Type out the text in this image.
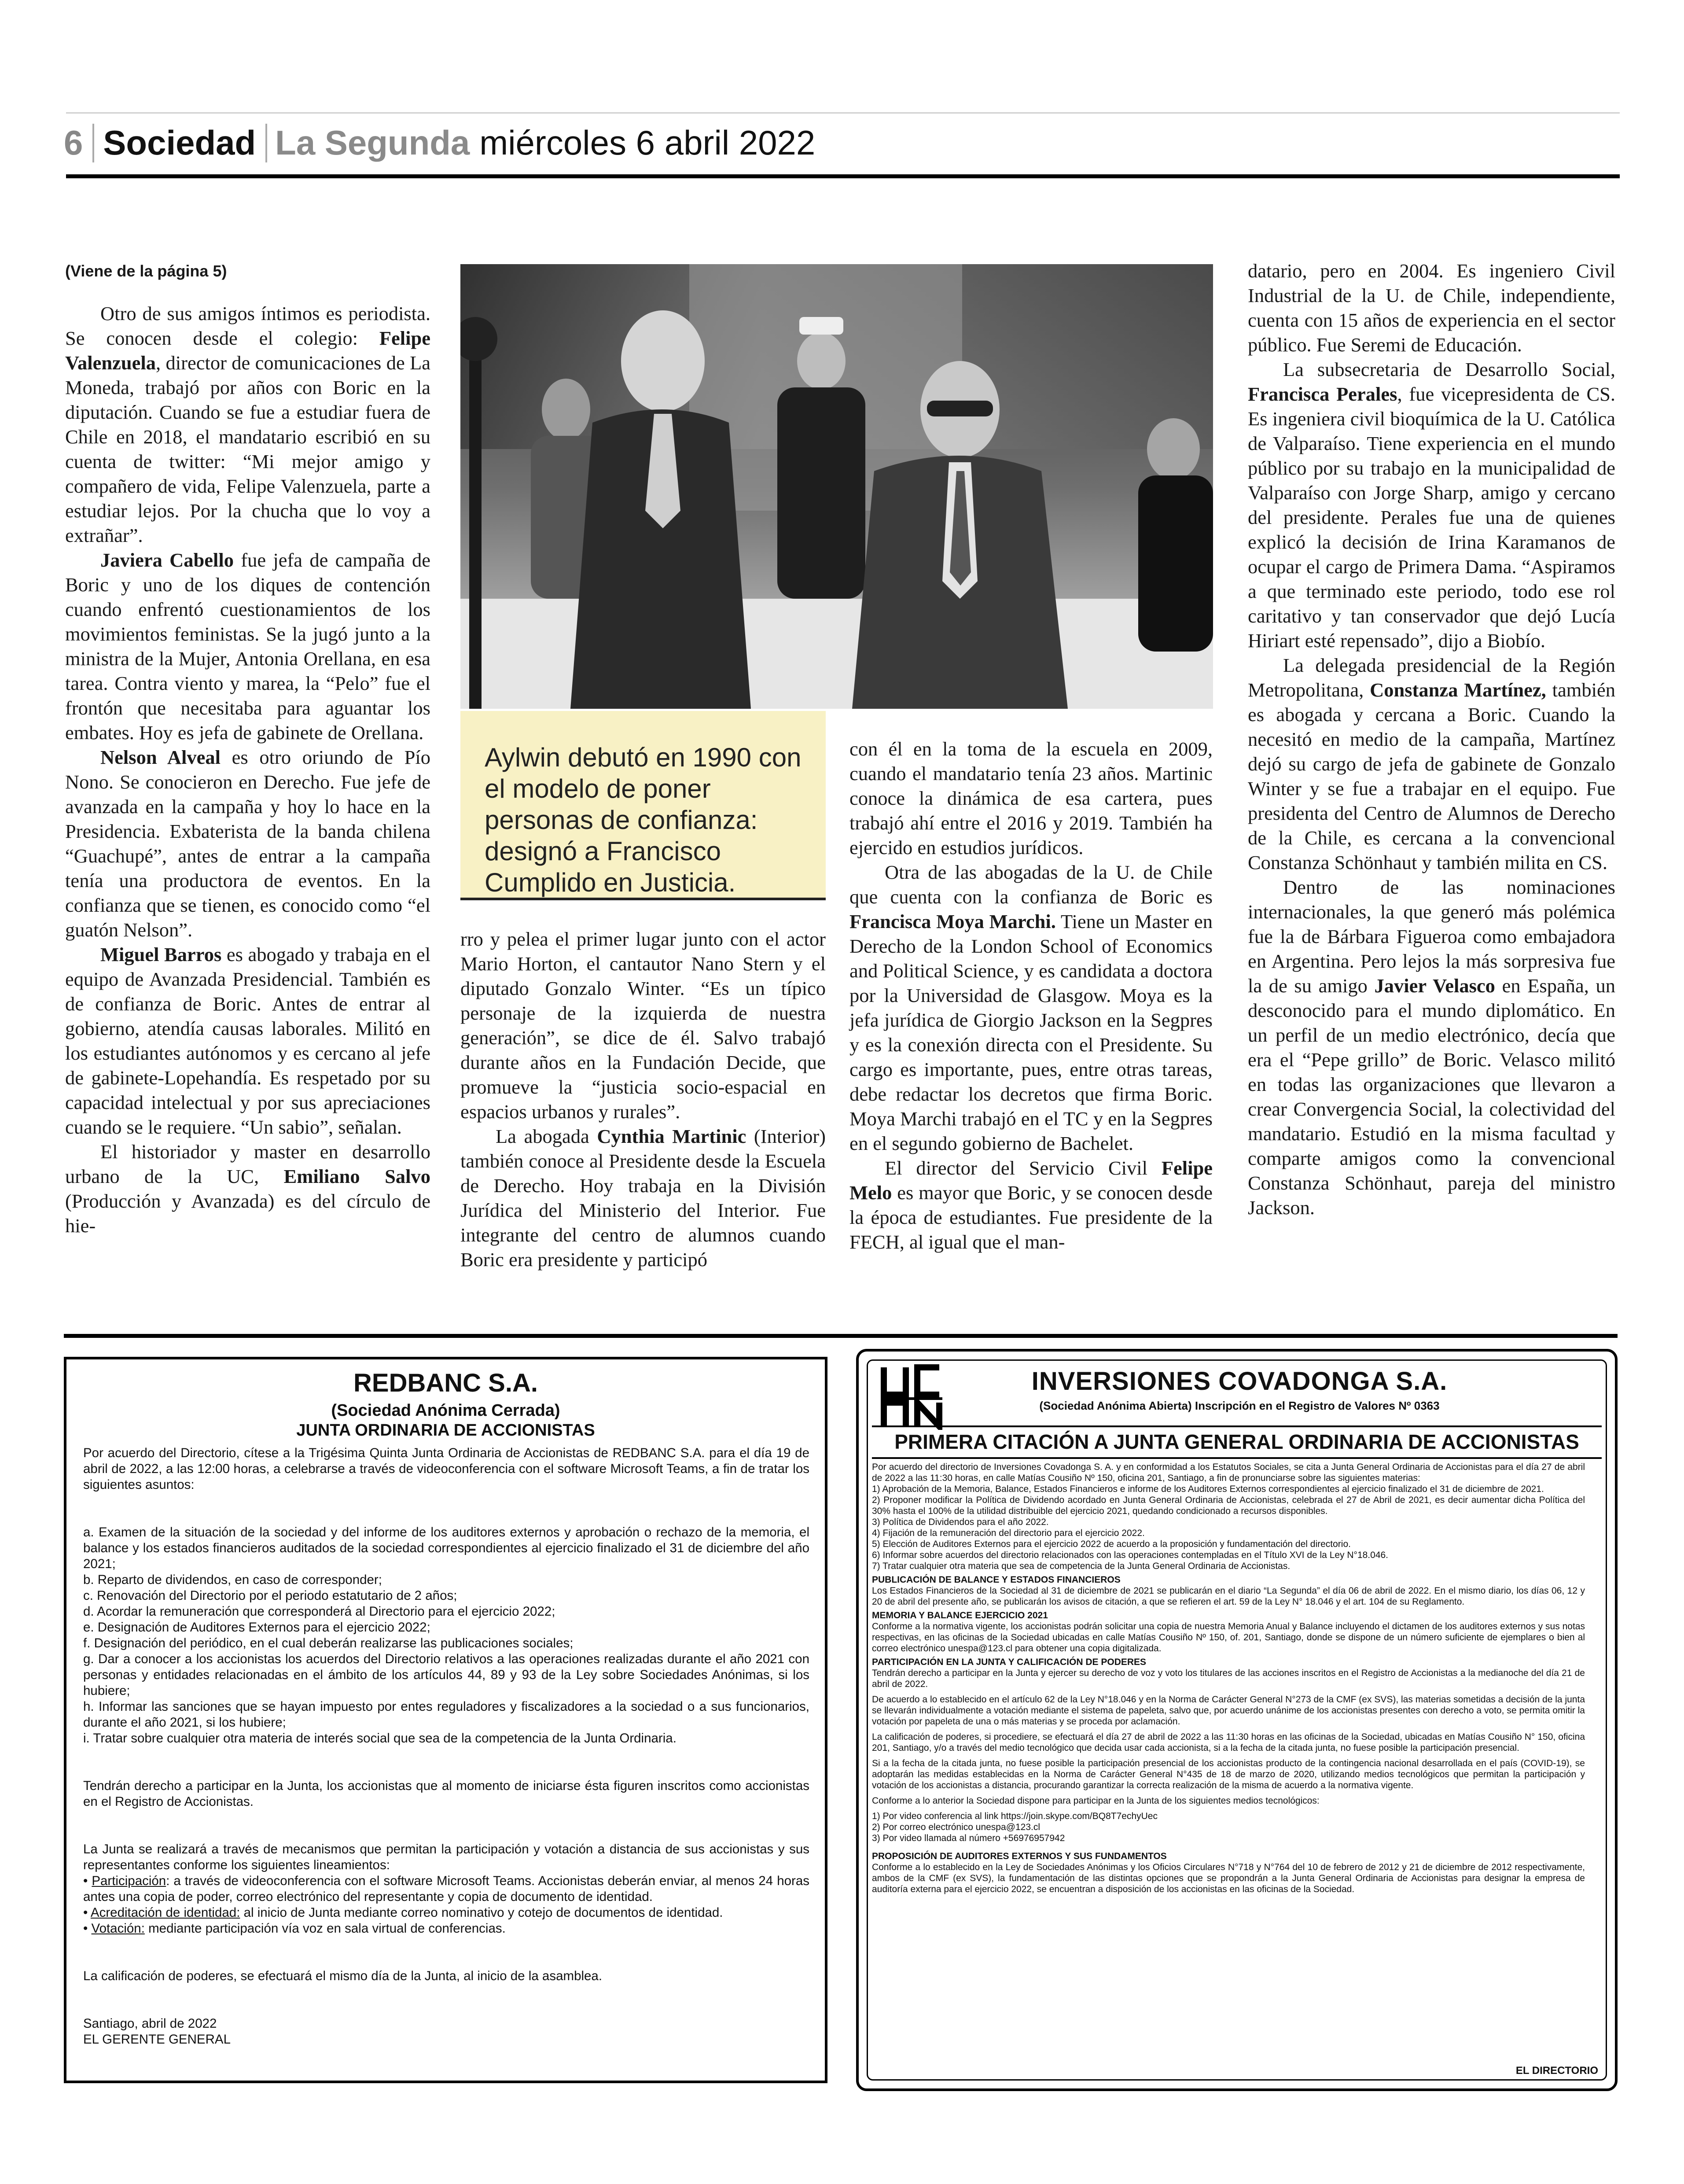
6 Sociedad La Segunda miércoles 6 abril 2022

(Viene de la página 5)

Otro de sus amigos íntimos es periodista. Se conocen desde el colegio: Felipe Valenzuela, director de comunicaciones de La Moneda, trabajó por años con Boric en la diputación. Cuando se fue a estudiar fuera de Chile en 2018, el mandatario escribió en su cuenta de twitter: “Mi mejor amigo y compañero de vida, Felipe Valenzuela, parte a estudiar lejos. Por la chucha que lo voy a extrañar”.

Javiera Cabello fue jefa de campaña de Boric y uno de los diques de contención cuando enfrentó cuestionamientos de los movimientos feministas. Se la jugó junto a la ministra de la Mujer, Antonia Orellana, en esa tarea. Contra viento y marea, la “Pelo” fue el frontón que necesitaba para aguantar los embates. Hoy es jefa de gabinete de Orellana.

Nelson Alveal es otro oriundo de Pío Nono. Se conocieron en Derecho. Fue jefe de avanzada en la campaña y hoy lo hace en la Presidencia. Exbaterista de la banda chilena “Guachupé”, antes de entrar a la campaña tenía una productora de eventos. En la confianza que se tienen, es conocido como “el guatón Nelson”.

Miguel Barros es abogado y trabaja en el equipo de Avanzada Presidencial. También es de confianza de Boric. Antes de entrar al gobierno, atendía causas laborales. Militó en los estudiantes autónomos y es cercano al jefe de gabinete-Lopehandía. Es respetado por su capacidad intelectual y por sus apreciaciones cuando se le requiere. “Un sabio”, señalan.

El historiador y master en desarrollo urbano de la UC, Emiliano Salvo (Producción y Avanzada) es del círculo de hie-

rro y pelea el primer lugar junto con el actor Mario Horton, el cantautor Nano Stern y el diputado Gonzalo Winter. “Es un típico personaje de la izquierda de nuestra generación”, se dice de él. Salvo trabajó durante años en la Fundación Decide, que promueve la “justicia socio-espacial en espacios urbanos y rurales”.

La abogada Cynthia Martinic (Interior) también conoce al Presidente desde la Escuela de Derecho. Hoy trabaja en la División Jurídica del Ministerio del Interior. Fue integrante del centro de alumnos cuando Boric era presidente y participó

con él en la toma de la escuela en 2009, cuando el mandatario tenía 23 años. Martinic conoce la dinámica de esa cartera, pues trabajó ahí entre el 2016 y 2019. También ha ejercido en estudios jurídicos.

Otra de las abogadas de la U. de Chile que cuenta con la confianza de Boric es Francisca Moya Marchi. Tiene un Master en Derecho de la London School of Economics and Political Science, y es candidata a doctora por la Universidad de Glasgow. Moya es la jefa jurídica de Giorgio Jackson en la Segpres y es la conexión directa con el Presidente. Su cargo es importante, pues, entre otras tareas, debe redactar los decretos que firma Boric. Moya Marchi trabajó en el TC y en la Segpres en el segundo gobierno de Bachelet.

El director del Servicio Civil Felipe Melo es mayor que Boric, y se conocen desde la época de estudiantes. Fue presidente de la FECH, al igual que el man-

datario, pero en 2004. Es ingeniero Civil Industrial de la U. de Chile, independiente, cuenta con 15 años de experiencia en el sector público. Fue Seremi de Educación.

La subsecretaria de Desarrollo Social, Francisca Perales, fue vicepresidenta de CS. Es ingeniera civil bioquímica de la U. Católica de Valparaíso. Tiene experiencia en el mundo público por su trabajo en la municipalidad de Valparaíso con Jorge Sharp, amigo y cercano del presidente. Perales fue una de quienes explicó la decisión de Irina Karamanos de ocupar el cargo de Primera Dama. “Aspiramos a que terminado este periodo, todo ese rol caritativo y tan conservador que dejó Lucía Hiriart esté repensado”, dijo a Biobío.

La delegada presidencial de la Región Metropolitana, Constanza Martínez, también es abogada y cercana a Boric. Cuando la necesitó en medio de la campaña, Martínez dejó su cargo de jefa de gabinete de Gonzalo Winter y se fue a trabajar en el equipo. Fue presidenta del Centro de Alumnos de Derecho de la Chile, es cercana a la convencional Constanza Schönhaut y también milita en CS.

Dentro de las nominaciones internacionales, la que generó más polémica fue la de Bárbara Figueroa como embajadora en Argentina. Pero lejos la más sorpresiva fue la de su amigo Javier Velasco en España, un desconocido para el mundo diplomático. En un perfil de un medio electrónico, decía que era el “Pepe grillo” de Boric. Velasco militó en todas las organizaciones que llevaron a crear Convergencia Social, la colectividad del mandatario. Estudió en la misma facultad y comparte amigos como la convencional Constanza Schönhaut, pareja del ministro Jackson.

Aylwin debutó en 1990 con el modelo de poner personas de confianza: designó a Francisco Cumplido en Justicia.
REDBANC S.A.
(Sociedad Anónima Cerrada)
JUNTA ORDINARIA DE ACCIONISTAS

Por acuerdo del Directorio, cítese a la Trigésima Quinta Junta Ordinaria de Accionistas de REDBANC S.A. para el día 19 de abril de 2022, a las 12:00 horas, a celebrarse a través de videoconferencia con el software Microsoft Teams, a fin de tratar los siguientes asuntos:

a. Examen de la situación de la sociedad y del informe de los auditores externos y aprobación o rechazo de la memoria, el balance y los estados financieros auditados de la sociedad correspondientes al ejercicio finalizado el 31 de diciembre del año 2021;

b. Reparto de dividendos, en caso de corresponder;

c. Renovación del Directorio por el periodo estatutario de 2 años;

d. Acordar la remuneración que corresponderá al Directorio para el ejercicio 2022;

e. Designación de Auditores Externos para el ejercicio 2022;

f. Designación del periódico, en el cual deberán realizarse las publicaciones sociales;

g. Dar a conocer a los accionistas los acuerdos del Directorio relativos a las operaciones realizadas durante el año 2021 con personas y entidades relacionadas en el ámbito de los artículos 44, 89 y 93 de la Ley sobre Sociedades Anónimas, si los hubiere;

h. Informar las sanciones que se hayan impuesto por entes reguladores y fiscalizadores a la sociedad o a sus funcionarios, durante el año 2021, si los hubiere;

i. Tratar sobre cualquier otra materia de interés social que sea de la competencia de la Junta Ordinaria.

Tendrán derecho a participar en la Junta, los accionistas que al momento de iniciarse ésta figuren inscritos como accionistas en el Registro de Accionistas.

La Junta se realizará a través de mecanismos que permitan la participación y votación a distancia de sus accionistas y sus representantes conforme los siguientes lineamientos:

• Participación: a través de videoconferencia con el software Microsoft Teams. Accionistas deberán enviar, al menos 24 horas antes una copia de poder, correo electrónico del representante y copia de documento de identidad.

• Acreditación de identidad: al inicio de Junta mediante correo nominativo y cotejo de documentos de identidad.

• Votación: mediante participación vía voz en sala virtual de conferencias.

La calificación de poderes, se efectuará el mismo día de la Junta, al inicio de la asamblea.

Santiago, abril de 2022

EL GERENTE GENERAL

INVERSIONES COVADONGA S.A.
(Sociedad Anónima Abierta) Inscripción en el Registro de Valores Nº 0363
PRIMERA CITACIÓN A JUNTA GENERAL ORDINARIA DE ACCIONISTAS

Por acuerdo del directorio de Inversiones Covadonga S. A. y en conformidad a los Estatutos Sociales, se cita a Junta General Ordinaria de Accionistas para el día 27 de abril de 2022 a las 11:30 horas, en calle Matías Cousiño Nº 150, oficina 201, Santiago, a fin de pronunciarse sobre las siguientes materias:

1) Aprobación de la Memoria, Balance, Estados Financieros e informe de los Auditores Externos correspondientes al ejercicio finalizado el 31 de diciembre de 2021.

2) Proponer modificar la Política de Dividendo acordado en Junta General Ordinaria de Accionistas, celebrada el 27 de Abril de 2021, es decir aumentar dicha Política del 30% hasta el 100% de la utilidad distribuible del ejercicio 2021, quedando condicionado a recursos disponibles.

3) Política de Dividendos para el año 2022.

4) Fijación de la remuneración del directorio para el ejercicio 2022.

5) Elección de Auditores Externos para el ejercicio 2022 de acuerdo a la proposición y fundamentación del directorio.

6) Informar sobre acuerdos del directorio relacionados con las operaciones contempladas en el Título XVI de la Ley N°18.046.

7) Tratar cualquier otra materia que sea de competencia de la Junta General Ordinaria de Accionistas.

PUBLICACIÓN DE BALANCE Y ESTADOS FINANCIEROS

Los Estados Financieros de la Sociedad al 31 de diciembre de 2021 se publicarán en el diario “La Segunda” el día 06 de abril de 2022. En el mismo diario, los días 06, 12 y 20 de abril del presente año, se publicarán los avisos de citación, a que se refieren el art. 59 de la Ley N° 18.046 y el art. 104 de su Reglamento.

MEMORIA Y BALANCE EJERCICIO 2021

Conforme a la normativa vigente, los accionistas podrán solicitar una copia de nuestra Memoria Anual y Balance incluyendo el dictamen de los auditores externos y sus notas respectivas, en las oficinas de la Sociedad ubicadas en calle Matías Cousiño Nº 150, of. 201, Santiago, donde se dispone de un número suficiente de ejemplares o bien al correo electrónico unespa@123.cl para obtener una copia digitalizada.

PARTICIPACIÓN EN LA JUNTA Y CALIFICACIÓN DE PODERES

Tendrán derecho a participar en la Junta y ejercer su derecho de voz y voto los titulares de las acciones inscritos en el Registro de Accionistas a la medianoche del día 21 de abril de 2022.

De acuerdo a lo establecido en el artículo 62 de la Ley N°18.046 y en la Norma de Carácter General N°273 de la CMF (ex SVS), las materias sometidas a decisión de la junta se llevarán individualmente a votación mediante el sistema de papeleta, salvo que, por acuerdo unánime de los accionistas presentes con derecho a voto, se permita omitir la votación por papeleta de una o más materias y se proceda por aclamación.

La calificación de poderes, si procediere, se efectuará el día 27 de abril de 2022 a las 11:30 horas en las oficinas de la Sociedad, ubicadas en Matías Cousiño N° 150, oficina 201, Santiago, y/o a través del medio tecnológico que decida usar cada accionista, si a la fecha de la citada junta, no fuese posible la participación presencial.

Si a la fecha de la citada junta, no fuese posible la participación presencial de los accionistas producto de la contingencia nacional desarrollada en el país (COVID-19), se adoptarán las medidas establecidas en la Norma de Carácter General N°435 de 18 de marzo de 2020, utilizando medios tecnológicos que permitan la participación y votación de los accionistas a distancia, procurando garantizar la correcta realización de la misma de acuerdo a la normativa vigente.

Conforme a lo anterior la Sociedad dispone para participar en la Junta de los siguientes medios tecnológicos:

1) Por video conferencia al link https://join.skype.com/BQ8T7echyUec

2) Por correo electrónico unespa@123.cl

3) Por video llamada al número +56976957942

PROPOSICIÓN DE AUDITORES EXTERNOS Y SUS FUNDAMENTOS

Conforme a lo establecido en la Ley de Sociedades Anónimas y los Oficios Circulares N°718 y N°764 del 10 de febrero de 2012 y 21 de diciembre de 2012 respectivamente, ambos de la CMF (ex SVS), la fundamentación de las distintas opciones que se propondrán a la Junta General Ordinaria de Accionistas para designar la empresa de auditoría externa para el ejercicio 2022, se encuentran a disposición de los accionistas en las oficinas de la Sociedad.

EL DIRECTORIO
